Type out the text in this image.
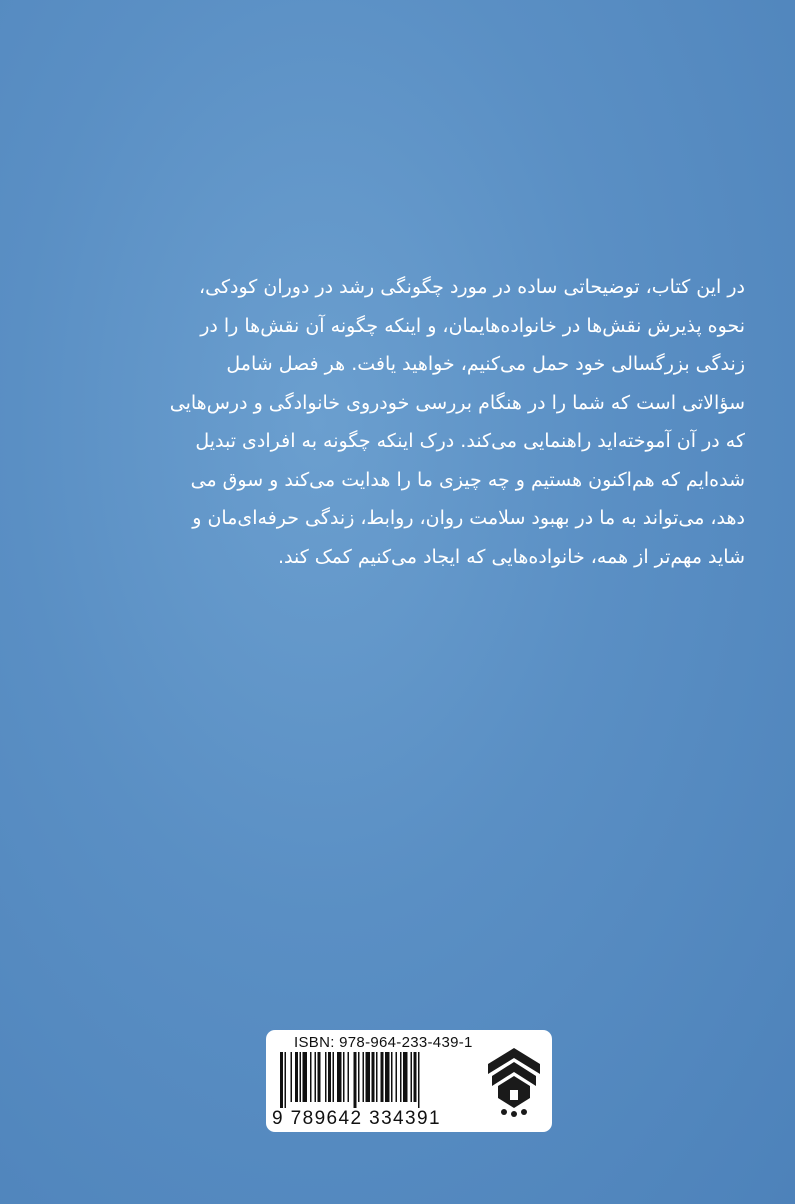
در این کتاب، توضیحاتی ساده در مورد چگونگی رشد در دوران کودکی،
نحوه پذیرش نقش‌ها در خانواده‌هایمان، و اینکه چگونه آن نقش‌ها را در
زندگی بزرگسالی خود حمل می‌کنیم، خواهید یافت. هر فصل شامل
سؤالاتی است که شما را در هنگام بررسی خودروی خانوادگی و درس‌هایی
که در آن آموخته‌اید راهنمایی می‌کند. درک اینکه چگونه به افرادی تبدیل
شده‌ایم که هم‌اکنون هستیم و چه چیزی ما را هدایت می‌کند و سوق می
دهد، می‌تواند به ما در بهبود سلامت روان، روابط، زندگی حرفه‌ای‌مان و
شاید مهم‌تر از همه، خانواده‌هایی که ایجاد می‌کنیم کمک کند.
ISBN: 978-964-233-439-1
9 789642 334391
